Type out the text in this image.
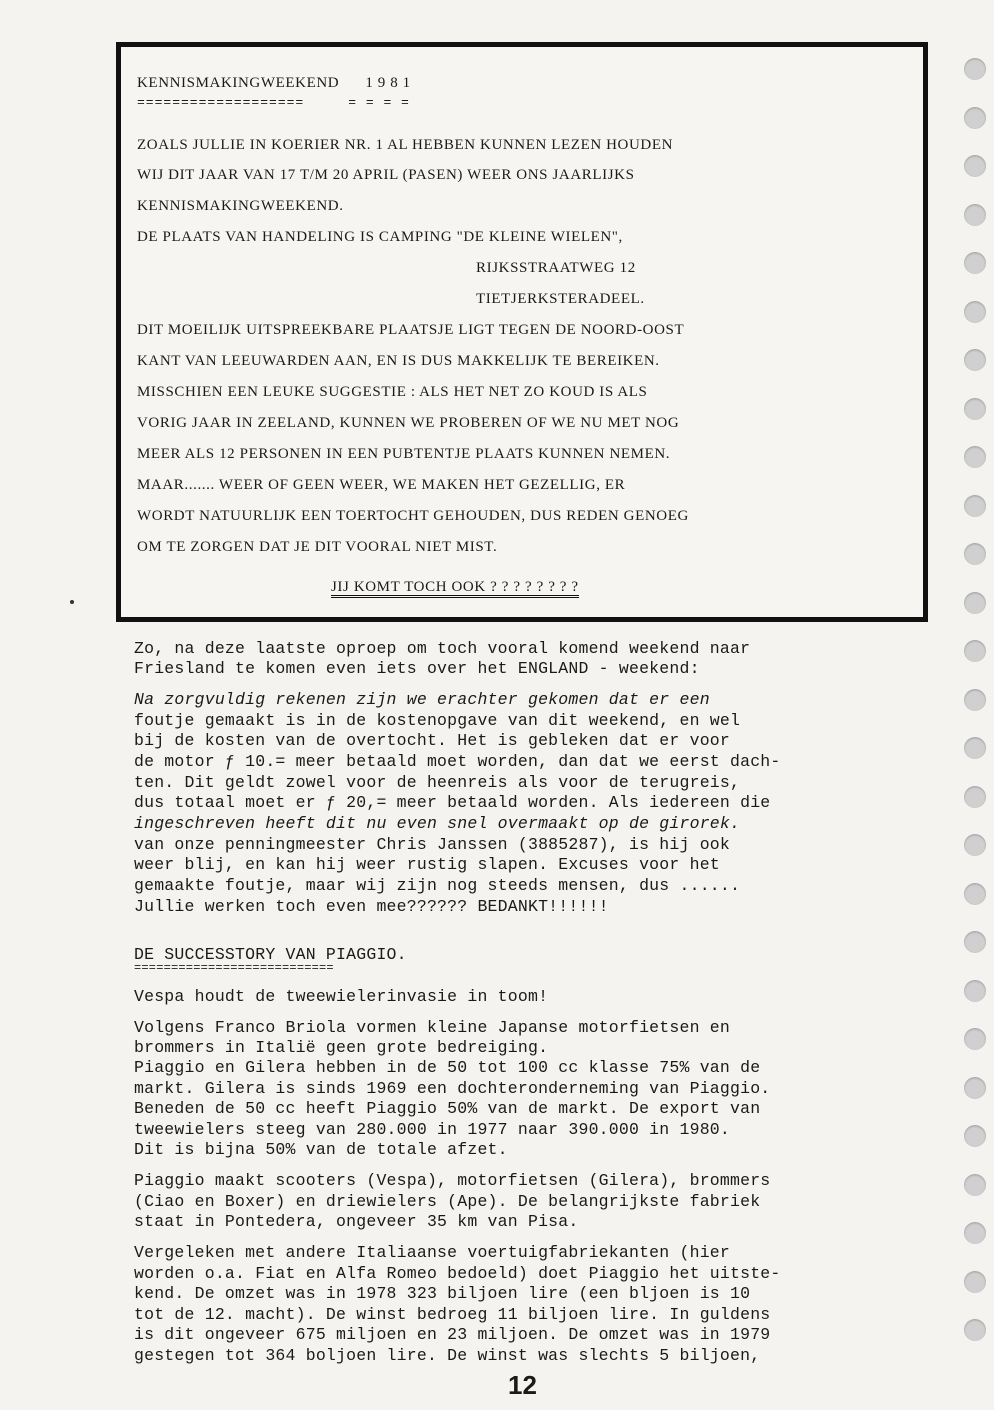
KENNISMAKINGWEEKEND 1 9 8 1
===================	= = = =
ZOALS JULLIE IN KOERIER NR. 1 AL HEBBEN KUNNEN LEZEN HOUDEN
WIJ DIT JAAR VAN 17 T/M 20 APRIL (PASEN) WEER ONS JAARLIJKS
KENNISMAKINGWEEKEND.
DE PLAATS VAN HANDELING IS CAMPING "DE KLEINE WIELEN",
RIJKSSTRAATWEG 12
TIETJERKSTERADEEL.
DIT MOEILIJK UITSPREEKBARE PLAATSJE LIGT TEGEN DE NOORD-OOST
KANT VAN LEEUWARDEN AAN, EN IS DUS MAKKELIJK TE BEREIKEN.
MISSCHIEN EEN LEUKE SUGGESTIE : ALS HET NET ZO KOUD IS ALS
VORIG JAAR IN ZEELAND, KUNNEN WE PROBEREN OF WE NU MET NOG
MEER ALS 12 PERSONEN IN EEN PUBTENTJE PLAATS KUNNEN NEMEN.
MAAR....... WEER OF GEEN WEER, WE MAKEN HET GEZELLIG, ER
WORDT NATUURLIJK EEN TOERTOCHT GEHOUDEN, DUS REDEN GENOEG
OM TE ZORGEN DAT JE DIT VOORAL NIET MIST.
JIJ KOMT TOCH OOK ? ? ? ? ? ? ? ?
Zo, na deze laatste oproep om toch vooral komend weekend naar
Friesland te komen even iets over het ENGLAND - weekend:
Na zorgvuldig rekenen zijn we erachter gekomen dat er een
foutje gemaakt is in de kostenopgave van dit weekend, en wel
bij de kosten van de overtocht. Het is gebleken dat er voor
de motor ƒ 10.= meer betaald moet worden, dan dat we eerst dach-
ten. Dit geldt zowel voor de heenreis als voor de terugreis,
dus totaal moet er ƒ 20,= meer betaald worden. Als iedereen die
ingeschreven heeft dit nu even snel overmaakt op de girorek.
van onze penningmeester Chris Janssen (3885287), is hij ook
weer blij, en kan hij weer rustig slapen. Excuses voor het
gemaakte foutje, maar wij zijn nog steeds mensen, dus ......
Jullie werken toch even mee?????? BEDANKT!!!!!!
DE SUCCESSTORY VAN PIAGGIO.
===========================
Vespa houdt de tweewielerinvasie in toom!
Volgens Franco Briola vormen kleine Japanse motorfietsen en
brommers in Italië geen grote bedreiging.
Piaggio en Gilera hebben in de 50 tot 100 cc klasse 75% van de
markt. Gilera is sinds 1969 een dochteronderneming van Piaggio.
Beneden de 50 cc heeft Piaggio 50% van de markt. De export van
tweewielers steeg van 280.000 in 1977 naar 390.000 in 1980.
Dit is bijna 50% van de totale afzet.
Piaggio maakt scooters (Vespa), motorfietsen (Gilera), brommers
(Ciao en Boxer) en driewielers (Ape). De belangrijkste fabriek
staat in Pontedera, ongeveer 35 km van Pisa.
Vergeleken met andere Italiaanse voertuigfabriekanten (hier
worden o.a. Fiat en Alfa Romeo bedoeld) doet Piaggio het uitste-
kend. De omzet was in 1978 323 biljoen lire (een bljoen is 10
tot de 12. macht). De winst bedroeg 11 biljoen lire. In guldens
is dit ongeveer 675 miljoen en 23 miljoen. De omzet was in 1979
gestegen tot 364 boljoen lire. De winst was slechts 5 biljoen,
12
